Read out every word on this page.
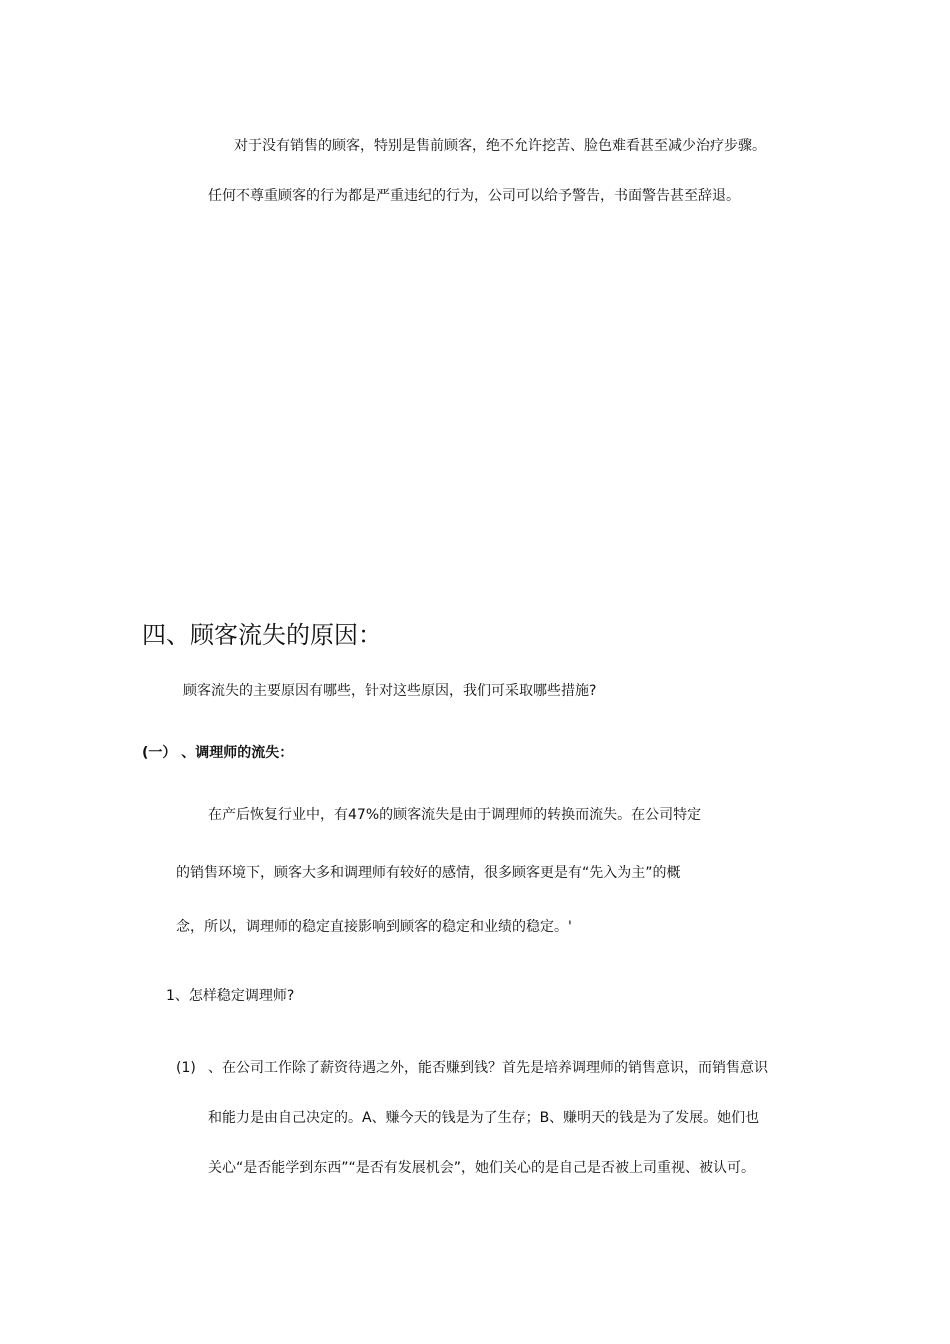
对于没有销售的顾客，特别是售前顾客，绝不允许挖苦、脸色难看甚至减少治疗步骤。
任何不尊重顾客的行为都是严重违纪的行为，公司可以给予警告，书面警告甚至辞退。
四、顾客流失的原因：
顾客流失的主要原因有哪些，针对这些原因，我们可采取哪些措施?
(一） 、调理师的流失：
在产后恢复行业中，有47%的顾客流失是由于调理师的转换而流失。在公司特定
的销售环境下，顾客大多和调理师有较好的感情，很多顾客更是有“先入为主”的概
念，所以，调理师的稳定直接影响到顾客的稳定和业绩的稳定。'
1、怎样稳定调理师?
(1) 、在公司工作除了薪资待遇之外，能否赚到钱？首先是培养调理师的销售意识，而销售意识
和能力是由自己决定的。A、赚今天的钱是为了生存；B、赚明天的钱是为了发展。她们也
关心“是否能学到东西”“是否有发展机会”，她们关心的是自己是否被上司重视、被认可。
